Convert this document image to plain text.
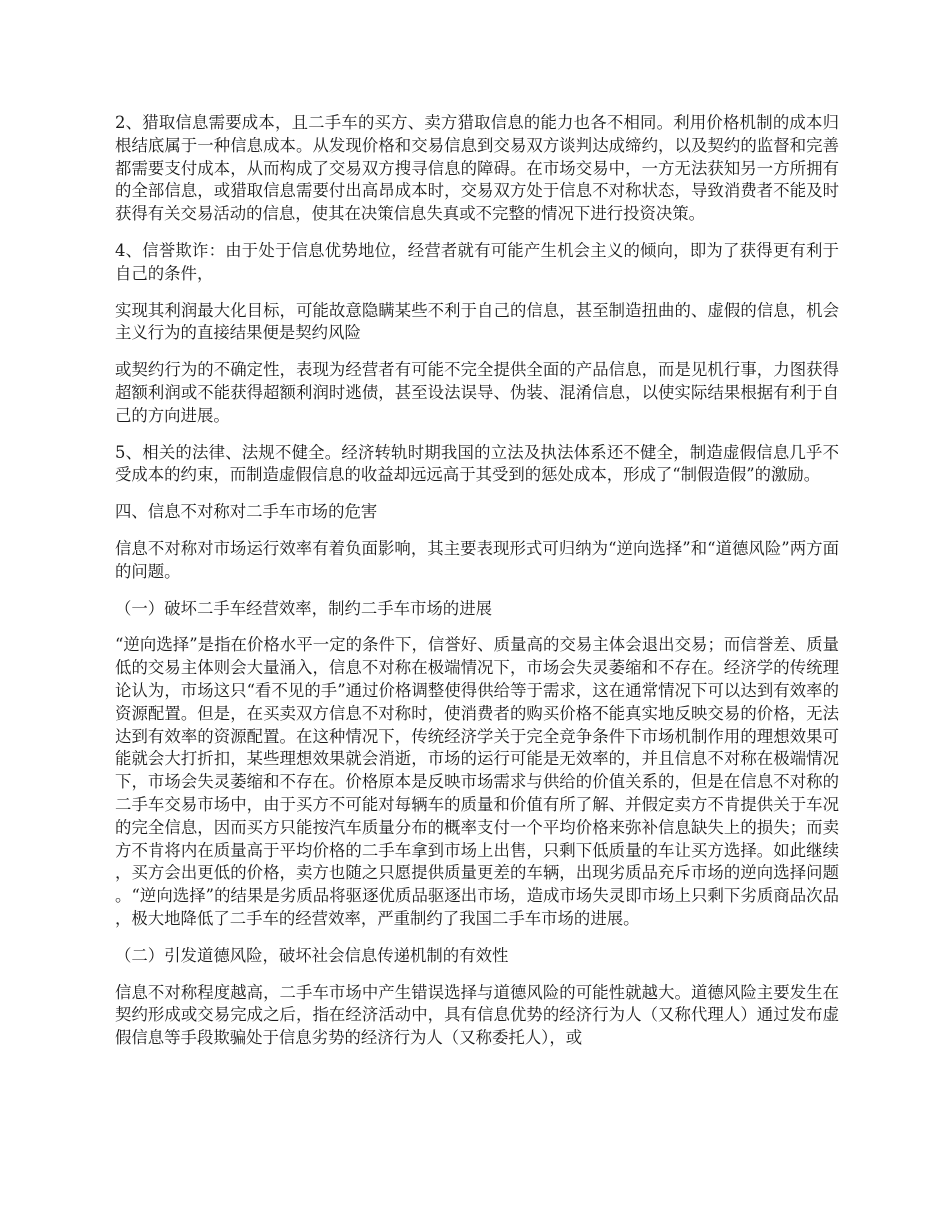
2、猎取信息需要成本，且二手车的买方、卖方猎取信息的能力也各不相同。利用价格机制的成本归根结底属于一种信息成本。从发现价格和交易信息到交易双方谈判达成缔约，以及契约的监督和完善都需要支付成本，从而构成了交易双方搜寻信息的障碍。在市场交易中，一方无法获知另一方所拥有的全部信息，或猎取信息需要付出高昂成本时，交易双方处于信息不对称状态，导致消费者不能及时获得有关交易活动的信息，使其在决策信息失真或不完整的情况下进行投资决策。

4、信誉欺诈：由于处于信息优势地位，经营者就有可能产生机会主义的倾向，即为了获得更有利于自己的条件，

实现其利润最大化目标，可能故意隐瞒某些不利于自己的信息，甚至制造扭曲的、虚假的信息，机会主义行为的直接结果便是契约风险

或契约行为的不确定性，表现为经营者有可能不完全提供全面的产品信息，而是见机行事，力图获得超额利润或不能获得超额利润时逃债，甚至设法误导、伪装、混淆信息，以使实际结果根据有利于自己的方向进展。

5、相关的法律、法规不健全。经济转轨时期我国的立法及执法体系还不健全，制造虚假信息几乎不受成本的约束，而制造虚假信息的收益却远远高于其受到的惩处成本，形成了“制假造假”的激励。

四、信息不对称对二手车市场的危害

信息不对称对市场运行效率有着负面影响，其主要表现形式可归纳为“逆向选择”和“道德风险”两方面的问题。

（一）破坏二手车经营效率，制约二手车市场的进展

“逆向选择”是指在价格水平一定的条件下，信誉好、质量高的交易主体会退出交易；而信誉差、质量低的交易主体则会大量涌入，信息不对称在极端情况下，市场会失灵萎缩和不存在。经济学的传统理论认为，市场这只“看不见的手”通过价格调整使得供给等于需求，这在通常情况下可以达到有效率的资源配置。但是，在买卖双方信息不对称时，使消费者的购买价格不能真实地反映交易的价格，无法达到有效率的资源配置。在这种情况下，传统经济学关于完全竞争条件下市场机制作用的理想效果可能就会大打折扣，某些理想效果就会消逝，市场的运行可能是无效率的，并且信息不对称在极端情况下，市场会失灵萎缩和不存在。价格原本是反映市场需求与供给的价值关系的，但是在信息不对称的二手车交易市场中，由于买方不可能对每辆车的质量和价值有所了解、并假定卖方不肯提供关于车况的完全信息，因而买方只能按汽车质量分布的概率支付一个平均价格来弥补信息缺失上的损失；而卖方不肯将内在质量高于平均价格的二手车拿到市场上出售，只剩下低质量的车让买方选择。如此继续，买方会出更低的价格，卖方也随之只愿提供质量更差的车辆，出现劣质品充斥市场的逆向选择问题。“逆向选择”的结果是劣质品将驱逐优质品驱逐出市场，造成市场失灵即市场上只剩下劣质商品次品，极大地降低了二手车的经营效率，严重制约了我国二手车市场的进展。

（二）引发道德风险，破坏社会信息传递机制的有效性

信息不对称程度越高，二手车市场中产生错误选择与道德风险的可能性就越大。道德风险主要发生在契约形成或交易完成之后，指在经济活动中，具有信息优势的经济行为人（又称代理人）通过发布虚假信息等手段欺骗处于信息劣势的经济行为人（又称委托人），或
